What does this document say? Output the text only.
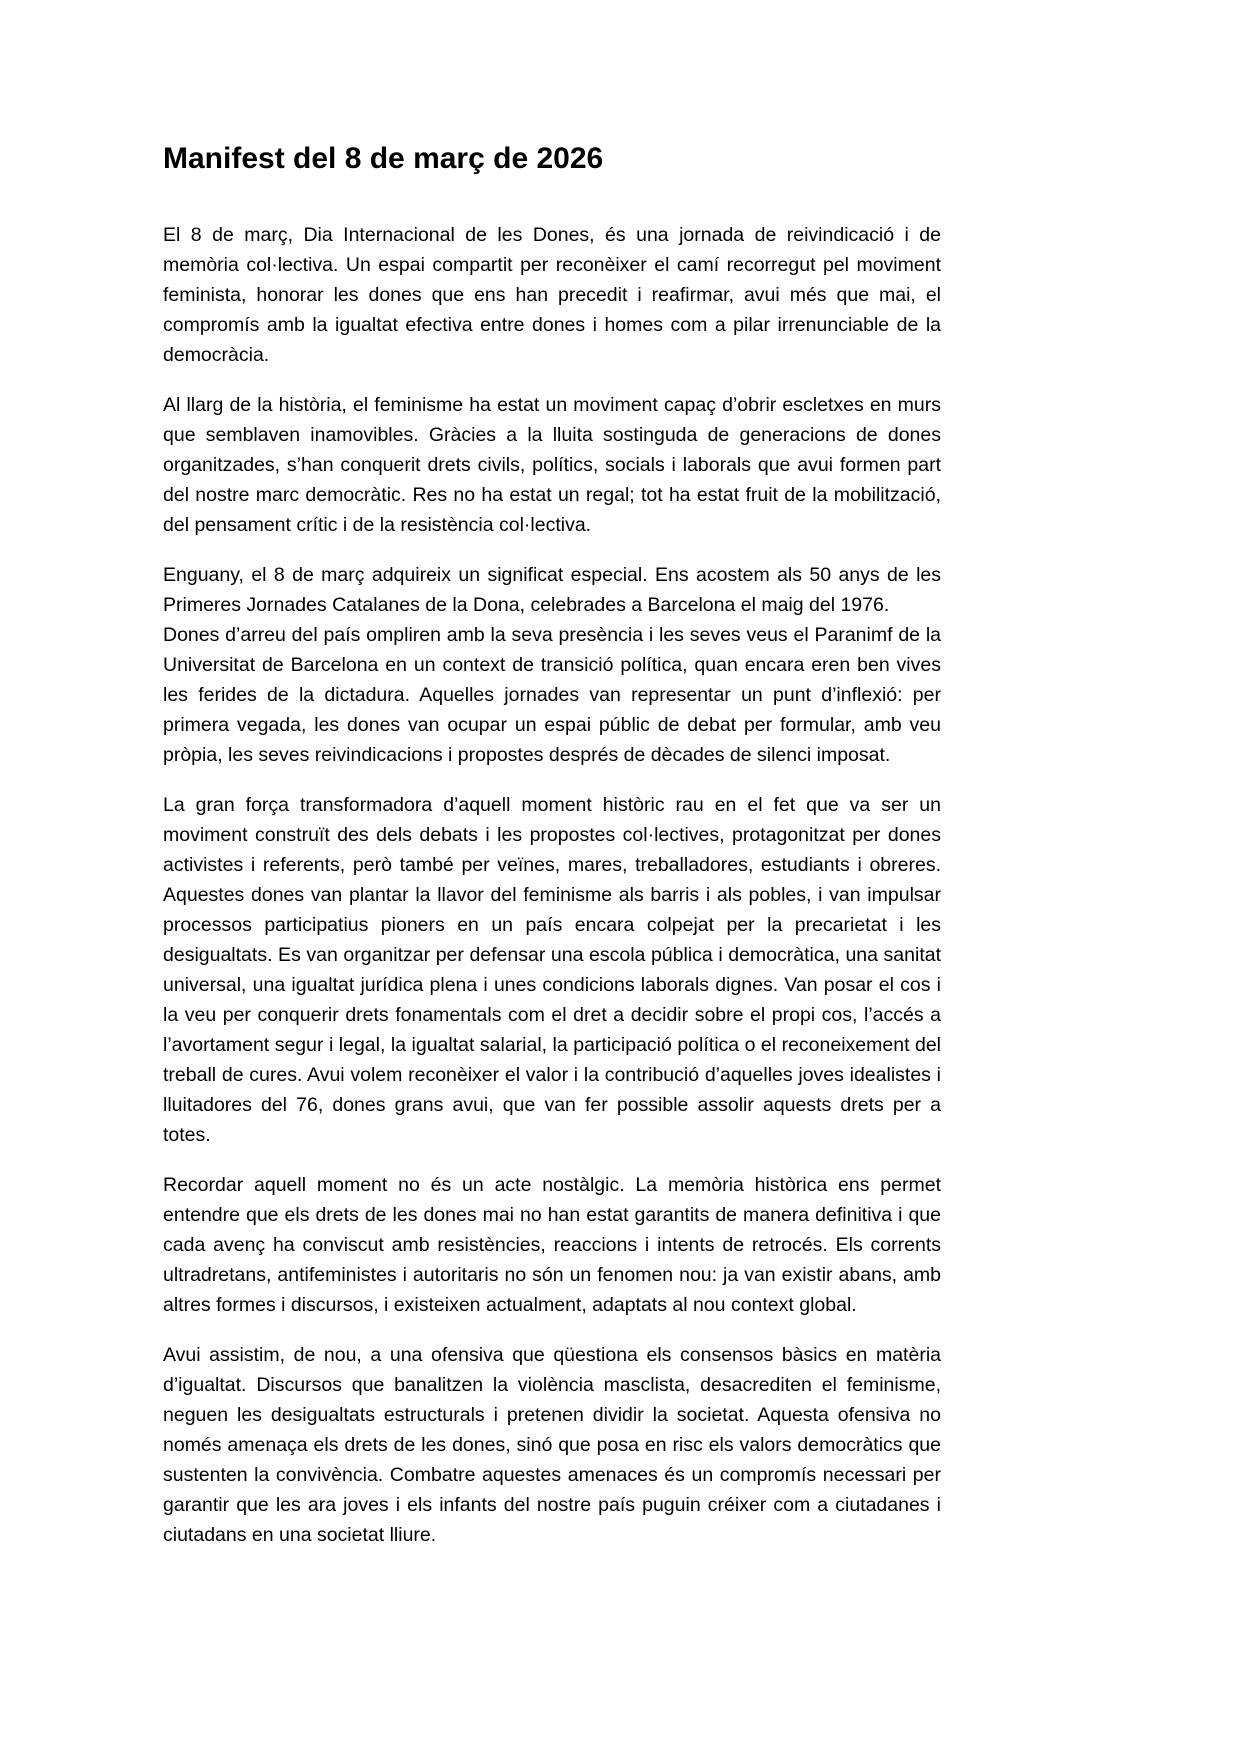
Manifest del 8 de març de 2026

El 8 de març, Dia Internacional de les Dones, és una jornada de reivindicació i de memòria col·lectiva. Un espai compartit per reconèixer el camí recorregut pel moviment feminista, honorar les dones que ens han precedit i reafirmar, avui més que mai, el compromís amb la igualtat efectiva entre dones i homes com a pilar irrenunciable de la democràcia.

Al llarg de la història, el feminisme ha estat un moviment capaç d’obrir escletxes en murs que semblaven inamovibles. Gràcies a la lluita sostinguda de generacions de dones organitzades, s’han conquerit drets civils, polítics, socials i laborals que avui formen part del nostre marc democràtic. Res no ha estat un regal; tot ha estat fruit de la mobilització, del pensament crític i de la resistència col·lectiva.

Enguany, el 8 de març adquireix un significat especial. Ens acostem als 50 anys de les Primeres Jornades Catalanes de la Dona, celebrades a Barcelona el maig del 1976.

Dones d’arreu del país ompliren amb la seva presència i les seves veus el Paranimf de la Universitat de Barcelona en un context de transició política, quan encara eren ben vives les ferides de la dictadura. Aquelles jornades van representar un punt d’inflexió: per primera vegada, les dones van ocupar un espai públic de debat per formular, amb veu pròpia, les seves reivindicacions i propostes després de dècades de silenci imposat.

La gran força transformadora d’aquell moment històric rau en el fet que va ser un moviment construït des dels debats i les propostes col·lectives, protagonitzat per dones activistes i referents, però també per veïnes, mares, treballadores, estudiants i obreres. Aquestes dones van plantar la llavor del feminisme als barris i als pobles, i van impulsar processos participatius pioners en un país encara colpejat per la precarietat i les desigualtats. Es van organitzar per defensar una escola pública i democràtica, una sanitat universal, una igualtat jurídica plena i unes condicions laborals dignes. Van posar el cos i la veu per conquerir drets fonamentals com el dret a decidir sobre el propi cos, l’accés a l’avortament segur i legal, la igualtat salarial, la participació política o el reconeixement del treball de cures. Avui volem reconèixer el valor i la contribució d’aquelles joves idealistes i lluitadores del 76, dones grans avui, que van fer possible assolir aquests drets per a totes.

Recordar aquell moment no és un acte nostàlgic. La memòria històrica ens permet entendre que els drets de les dones mai no han estat garantits de manera definitiva i que cada avenç ha conviscut amb resistències, reaccions i intents de retrocés. Els corrents ultradretans, antifeministes i autoritaris no són un fenomen nou: ja van existir abans, amb altres formes i discursos, i existeixen actualment, adaptats al nou context global.

Avui assistim, de nou, a una ofensiva que qüestiona els consensos bàsics en matèria d’igualtat. Discursos que banalitzen la violència masclista, desacrediten el feminisme, neguen les desigualtats estructurals i pretenen dividir la societat. Aquesta ofensiva no només amenaça els drets de les dones, sinó que posa en risc els valors democràtics que sustenten la convivència. Combatre aquestes amenaces és un compromís necessari per garantir que les ara joves i els infants del nostre país puguin créixer com a ciutadanes i ciutadans en una societat lliure.
